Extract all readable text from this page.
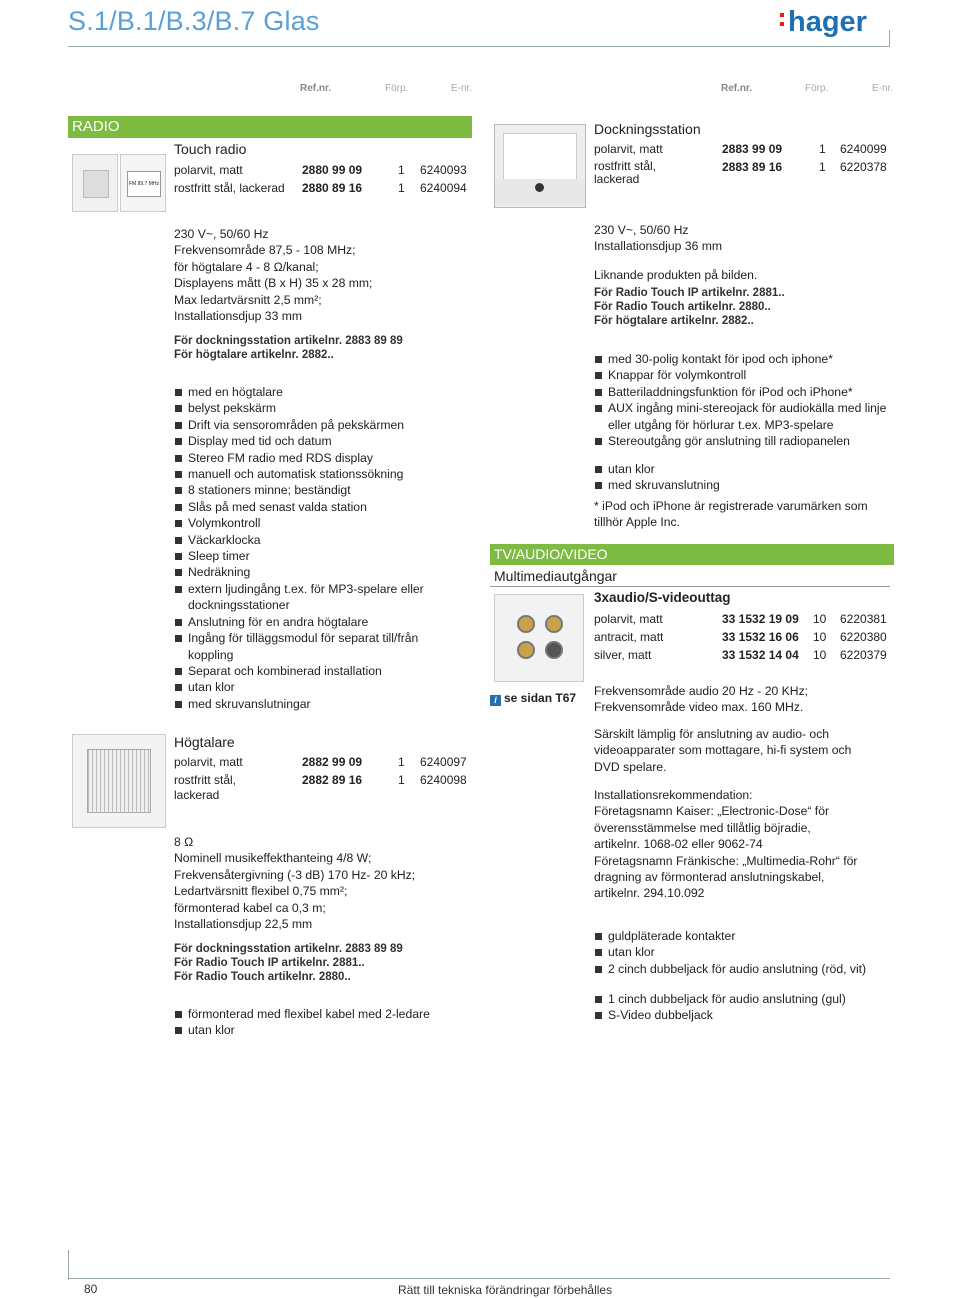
S.1/B.1/B.3/B.7 Glas	hager
Ref.nr.	Förp.	E-nr.	Ref.nr.	Förp.	E-nr.
RADIO
FM 89.7 MHz
Touch radio
polarvit, matt	2880 99 09	1 6240093
rostfritt stål, lackerad 2880 89 16	1 6240094
230 V~, 50/60 Hz
Frekvensområde 87,5 - 108 MHz;
för högtalare 4 - 8 Ω/kanal;
Displayens mått (B x H) 35 x 28 mm;
Max ledartvärsnitt 2,5 mm²;
Installationsdjup 33 mm
För dockningsstation artikelnr. 2883 89 89
För högtalare artikelnr. 2882..
med en högtalare
belyst pekskärm
Drift via sensorområden på pekskärmen
Display med tid och datum
Stereo FM radio med RDS display
manuell och automatisk stationssökning
8 stationers minne; beständigt
Slås på med senast valda station
Volymkontroll
Väckarklocka
Sleep timer
Nedräkning
extern ljudingång t.ex. för MP3-spelare eller dockningsstationer
Anslutning för en andra högtalare
Ingång för tilläggsmodul för separat till/från koppling
Separat och kombinerad installation
utan klor
med skruvanslutningar
Högtalare
polarvit, matt	2882 99 09	1 6240097
rostfritt stål, lackerad
2882 89 16	1 6240098
8 Ω
Nominell musikeffekthanteing 4/8 W;
Frekvensåtergivning (-3 dB) 170 Hz- 20 kHz;
Ledartvärsnitt flexibel 0,75 mm²;
förmonterad kabel ca 0,3 m;
Installationsdjup 22,5 mm
För dockningsstation artikelnr. 2883 89 89
För Radio Touch IP artikelnr. 2881..
För Radio Touch artikelnr. 2880..
förmonterad med flexibel kabel med 2-ledare
utan klor
Dockningsstation
polarvit, matt	2883 99 09	1 6240099
rostfritt stål, lackerad
2883 89 16	1 6220378
230 V~, 50/60 Hz
Installationsdjup 36 mm
Liknande produkten på bilden.
För Radio Touch IP artikelnr. 2881..
För Radio Touch artikelnr. 2880..
För högtalare artikelnr. 2882..
med 30-polig kontakt för ipod och iphone*
Knappar för volymkontroll
Batteriladdningsfunktion för iPod och iPhone*
AUX ingång mini-stereojack för audiokälla med linje eller utgång för hörlurar t.ex. MP3-spelare
Stereoutgång gör anslutning till radiopanelen
utan klor
med skruvanslutning
* iPod och iPhone är registrerade varumärken som tillhör Apple Inc.
TV/AUDIO/VIDEO
Multimediautgångar
i se sidan T67
3xaudio/S-videouttag
polarvit, matt	33 1532 19 09 10 6220381
antracit, matt	33 1532 16 06 10 6220380
silver, matt	33 1532 14 04 10 6220379
Frekvensområde audio 20 Hz - 20 KHz;
Frekvensområde video max. 160 MHz.
Särskilt lämplig för anslutning av audio- och
videoapparater som mottagare, hi-fi system och
DVD spelare.
Installationsrekommendation:
Företagsnamn Kaiser: „Electronic-Dose“ för
överensstämmelse med tillåtlig böjradie,
artikelnr. 1068-02 eller 9062-74
Företagsnamn Fränkische: „Multimedia-Rohr“ för
dragning av förmonterad anslutningskabel,
artikelnr. 294.10.092
guldpläterade kontakter
utan klor
2 cinch dubbeljack för audio anslutning (röd, vit)
1 cinch dubbeljack för audio anslutning (gul)
S-Video dubbeljack
80	Rätt till tekniska förändringar förbehålles
